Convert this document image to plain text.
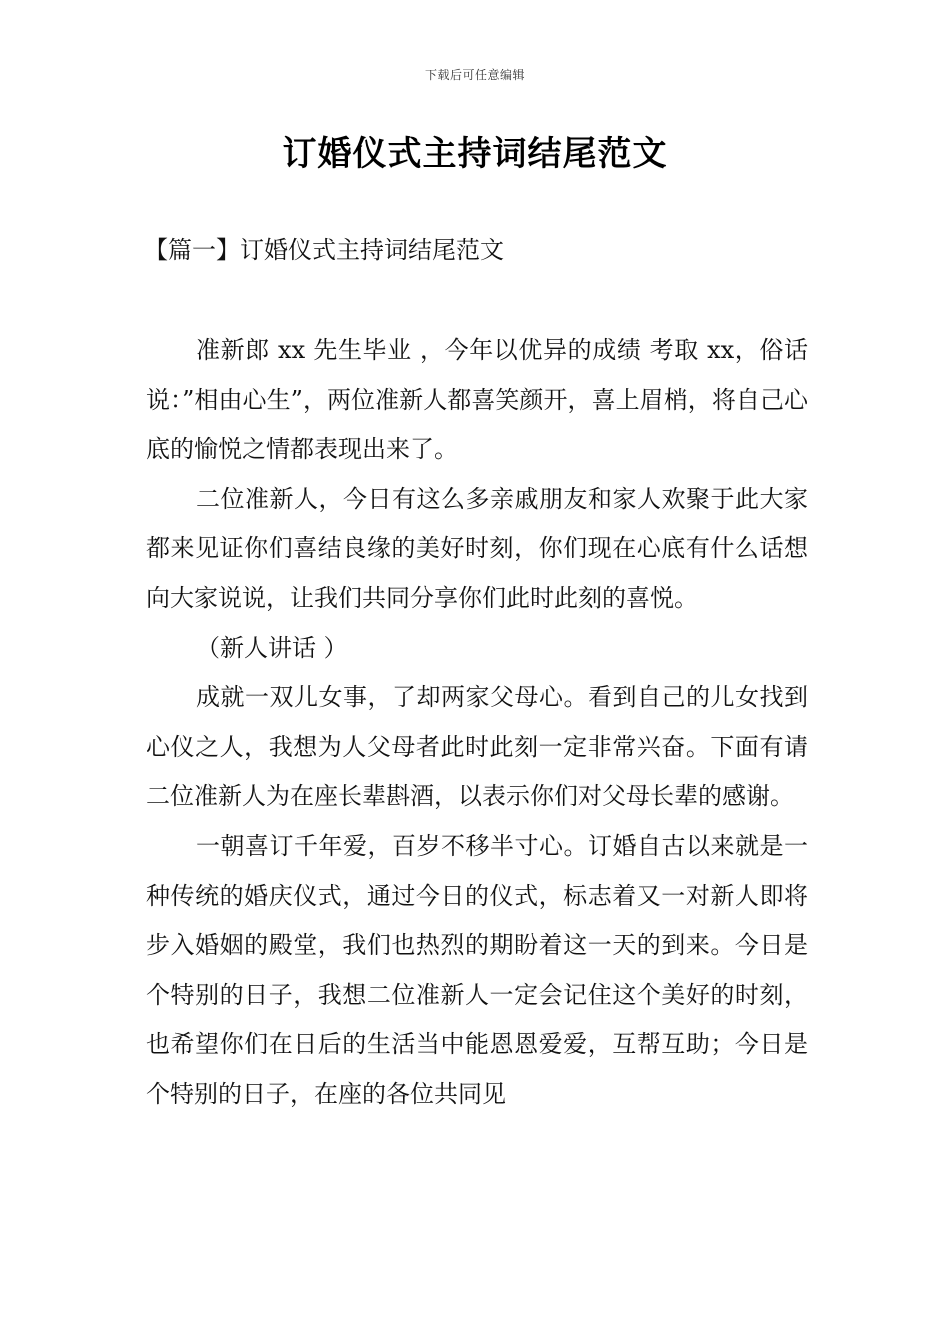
下载后可任意编辑
订婚仪式主持词结尾范文
【篇一】订婚仪式主持词结尾范文

准新郎 xx 先生毕业 ，今年以优异的成绩 考取 xx，俗话说：”相由心生”，两位准新人都喜笑颜开，喜上眉梢，将自己心底的愉悦之情都表现出来了。

二位准新人，今日有这么多亲戚朋友和家人欢聚于此大家都来见证你们喜结良缘的美好时刻，你们现在心底有什么话想向大家说说，让我们共同分享你们此时此刻的喜悦。

（新人讲话 ）

成就一双儿女事，了却两家父母心。看到自己的儿女找到心仪之人，我想为人父母者此时此刻一定非常兴奋。下面有请二位准新人为在座长辈斟酒，以表示你们对父母长辈的感谢。

一朝喜订千年爱，百岁不移半寸心。订婚自古以来就是一种传统的婚庆仪式，通过今日的仪式，标志着又一对新人即将步入婚姻的殿堂，我们也热烈的期盼着这一天的到来。今日是个特别的日子，我想二位准新人一定会记住这个美好的时刻，也希望你们在日后的生活当中能恩恩爱爱，互帮互助；今日是个特别的日子，在座的各位共同见
